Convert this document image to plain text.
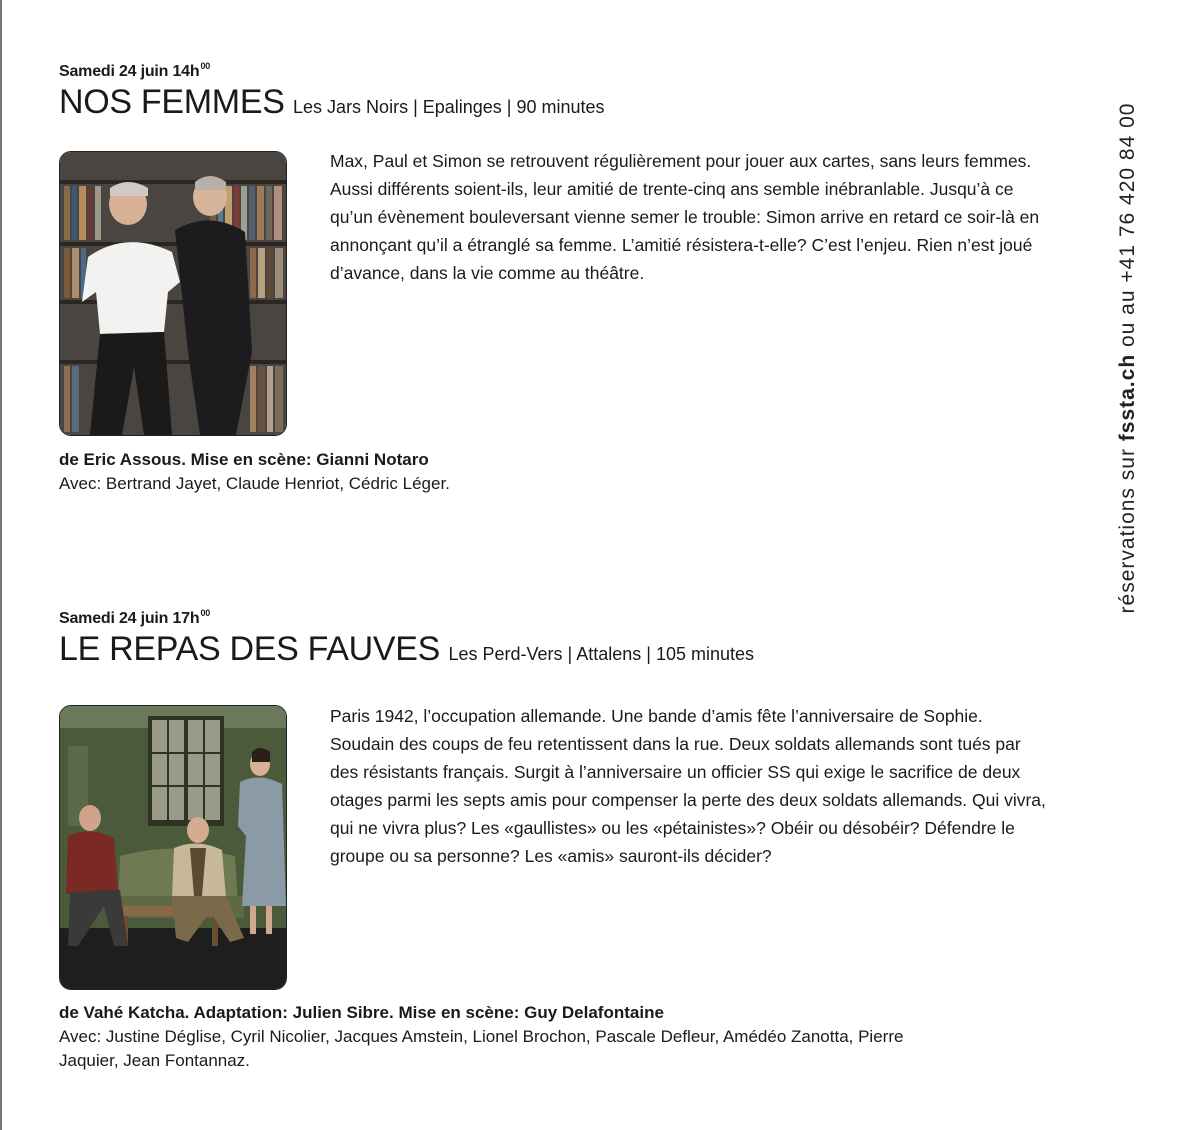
Samedi 24 juin $14h^{00}$
NOS FEMMES Les Jars Noirs | Epalinges | 90 minutes
Max, Paul et Simon se retrouvent régulièrement pour jouer aux cartes, sans leurs femmes. Aussi différents soient-ils, leur amitié de trente-cinq ans semble inébranlable. Jusqu’à ce qu’un évènement bouleversant vienne semer le trouble: Simon arrive en retard ce soir-là en annonçant qu’il a étranglé sa femme. L’amitié résistera-t-elle? C’est l’enjeu. Rien n’est joué d’avance, dans la vie comme au théâtre.
de Eric Assous. Mise en scène: Gianni Notaro
Avec: Bertrand Jayet, Claude Henriot, Cédric Léger.
Samedi 24 juin $17h^{00}$
LE REPAS DES FAUVES Les Perd-Vers | Attalens | 105 minutes
Paris 1942, l’occupation allemande. Une bande d’amis fête l’anniversaire de Sophie. Soudain des coups de feu retentissent dans la rue. Deux soldats allemands sont tués par des résistants français. Surgit à l’anniversaire un officier SS qui exige le sacrifice de deux otages parmi les septs amis pour compenser la perte des deux soldats allemands. Qui vivra, qui ne vivra plus? Les «gaullistes» ou les «pétainistes»? Obéir ou désobéir? Défendre le groupe ou sa personne? Les «amis» sauront-ils décider?
de Vahé Katcha. Adaptation: Julien Sibre. Mise en scène: Guy Delafontaine
Avec: Justine Déglise, Cyril Nicolier, Jacques Amstein, Lionel Brochon, Pascale Defleur, Amédéo Zanotta, Pierre Jaquier, Jean Fontannaz.
réservations sur fssta.ch ou au +41 76 420 84 00
